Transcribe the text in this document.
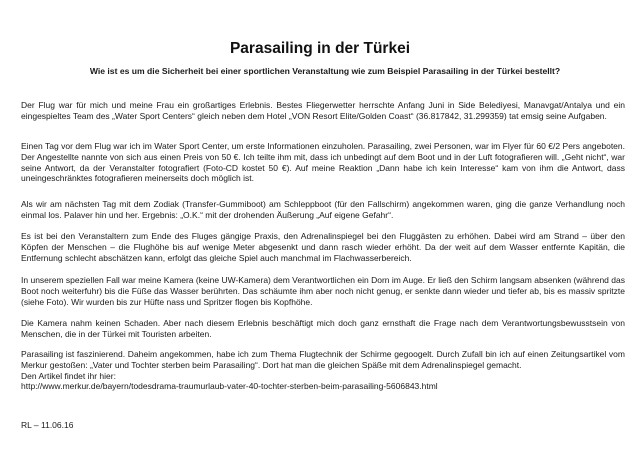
Parasailing in der Türkei

Wie ist es um die Sicherheit bei einer sportlichen Veranstaltung wie zum Beispiel Parasailing in der Türkei bestellt?

Der Flug war für mich und meine Frau ein großartiges Erlebnis. Bestes Fliegerwetter herrschte Anfang Juni in Side Belediyesi, Manavgat/Antalya und ein eingespieltes Team des „Water Sport Centers“ gleich neben dem Hotel „VON Resort Elite/Golden Coast“ (36.817842, 31.299359) tat emsig seine Aufgaben.

Einen Tag vor dem Flug war ich im Water Sport Center, um erste Informationen einzuholen. Parasailing, zwei Personen, war im Flyer für 60 €/2 Pers angeboten. Der Angestellte nannte von sich aus einen Preis von 50 €. Ich teilte ihm mit, dass ich unbedingt auf dem Boot und in der Luft fotografieren will. „Geht nicht“, war seine Antwort, da der Veranstalter fotografiert (Foto-CD kostet 50 €). Auf meine Reaktion „Dann habe ich kein Interesse“ kam von ihm die Antwort, dass uneingeschränktes fotografieren meinerseits doch möglich ist.

Als wir am nächsten Tag mit dem Zodiak (Transfer-Gummiboot) am Schleppboot (für den Fallschirm) angekommen waren, ging die ganze Verhandlung noch einmal los. Palaver hin und her. Ergebnis: „O.K.“ mit der drohenden Äußerung „Auf eigene Gefahr“.

Es ist bei den Veranstaltern zum Ende des Fluges gängige Praxis, den Adrenalinspiegel bei den Fluggästen zu erhöhen. Dabei wird am Strand – über den Köpfen der Menschen – die Flughöhe bis auf wenige Meter abgesenkt und dann rasch wieder erhöht. Da der weit auf dem Wasser entfernte Kapitän, die Entfernung schlecht abschätzen kann, erfolgt das gleiche Spiel auch manchmal im Flachwasserbereich.

In unserem speziellen Fall war meine Kamera (keine UW-Kamera) dem Verantwortlichen ein Dorn im Auge. Er ließ den Schirm langsam absenken (während das Boot noch weiterfuhr) bis die Füße das Wasser berührten. Das schäumte ihm aber noch nicht genug, er senkte dann wieder und tiefer ab, bis es massiv spritzte (siehe Foto). Wir wurden bis zur Hüfte nass und Spritzer flogen bis Kopfhöhe.

Die Kamera nahm keinen Schaden. Aber nach diesem Erlebnis beschäftigt mich doch ganz ernsthaft die Frage nach dem Verantwortungsbewusstsein von Menschen, die in der Türkei mit Touristen arbeiten.

Parasailing ist faszinierend. Daheim angekommen, habe ich zum Thema Flugtechnik der Schirme gegoogelt. Durch Zufall bin ich auf einen Zeitungsartikel vom Merkur gestoßen: „Vater und Tochter sterben beim Parasailing“. Dort hat man die gleichen Späße mit dem Adrenalinspiegel gemacht.
Den Artikel findet ihr hier:
http://www.merkur.de/bayern/todesdrama-traumurlaub-vater-40-tochter-sterben-beim-parasailing-5606843.html

RL – 11.06.16
